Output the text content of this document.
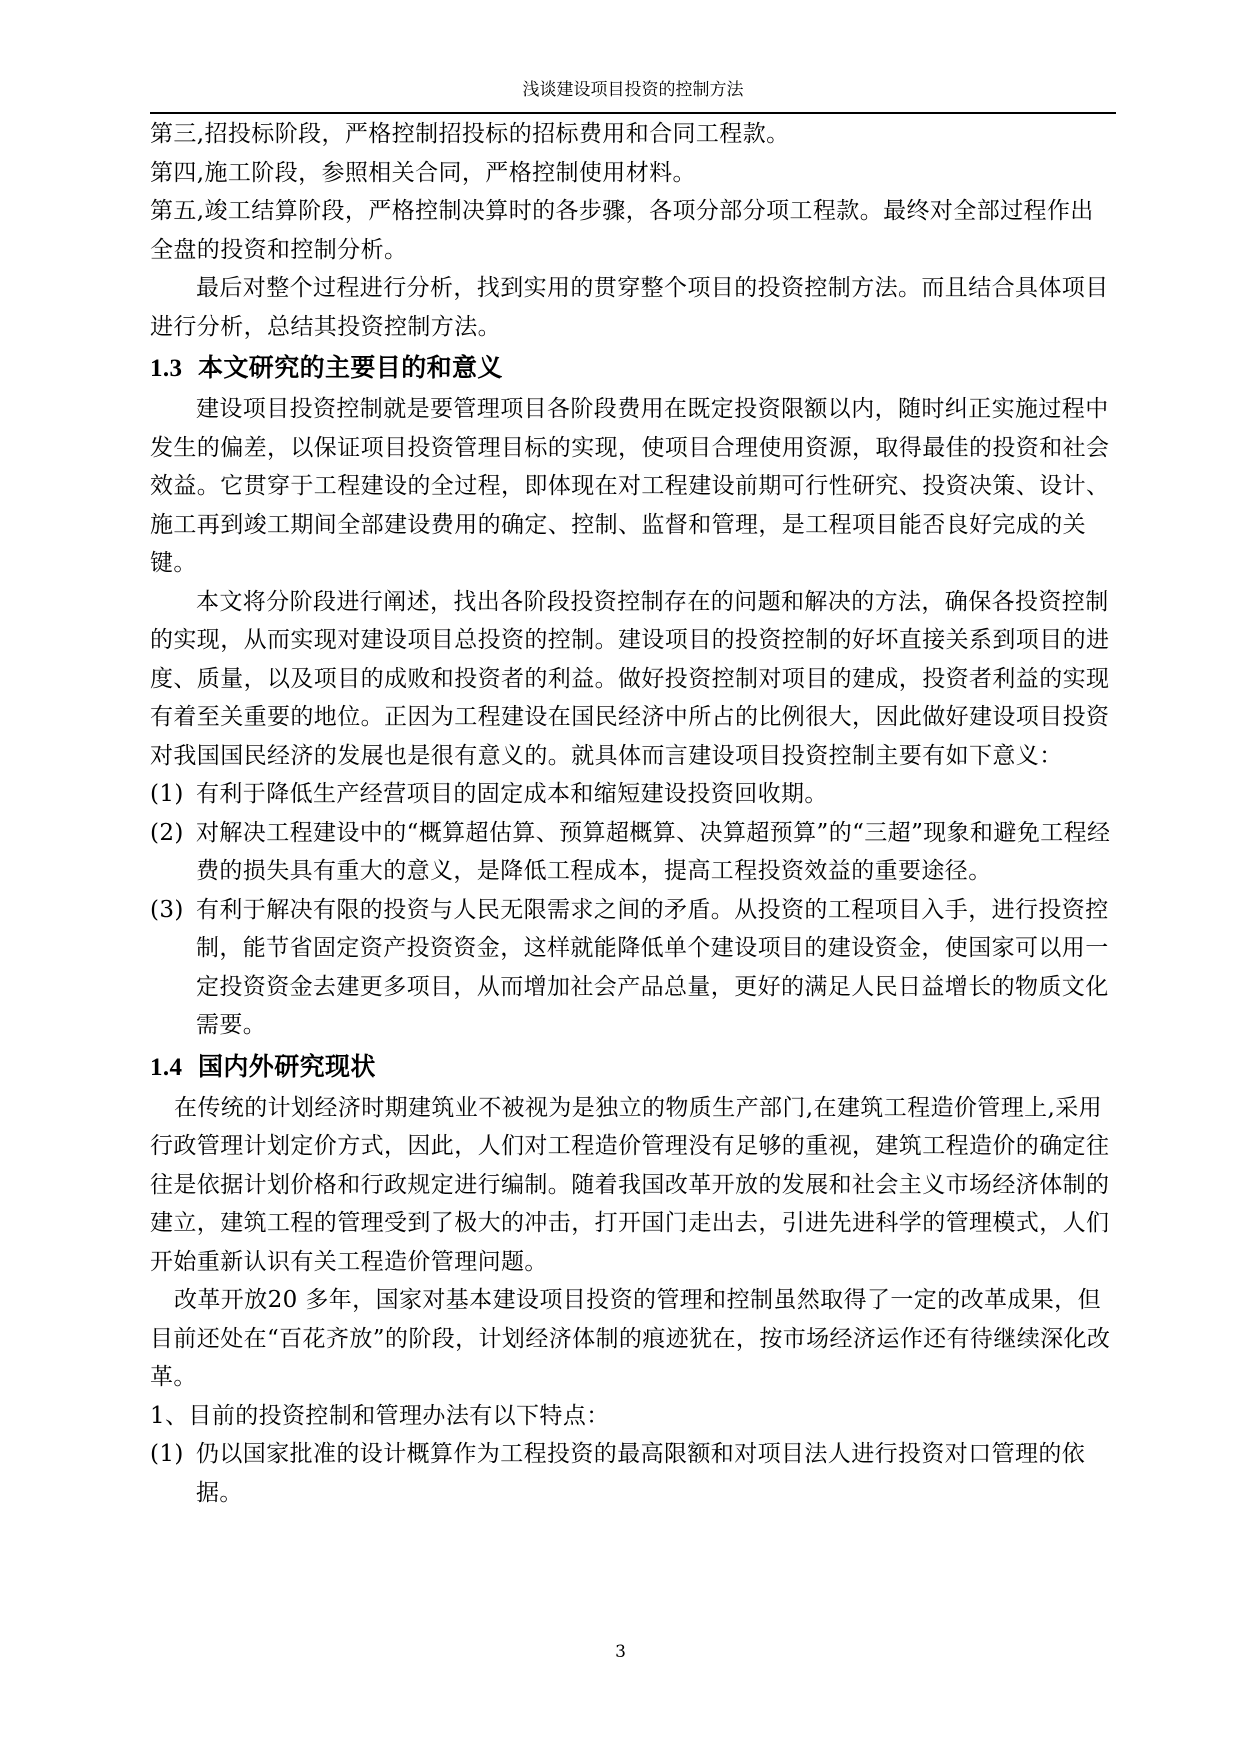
浅谈建设项目投资的控制方法

第三,招投标阶段，严格控制招投标的招标费用和合同工程款。

第四,施工阶段，参照相关合同，严格控制使用材料。

第五,竣工结算阶段，严格控制决算时的各步骤，各项分部分项工程款。最终对全部过程作出全盘的投资和控制分析。

最后对整个过程进行分析，找到实用的贯穿整个项目的投资控制方法。而且结合具体项目进行分析，总结其投资控制方法。

1.3 本文研究的主要目的和意义

建设项目投资控制就是要管理项目各阶段费用在既定投资限额以内，随时纠正实施过程中发生的偏差，以保证项目投资管理目标的实现，使项目合理使用资源，取得最佳的投资和社会效益。它贯穿于工程建设的全过程，即体现在对工程建设前期可行性研究、投资决策、设计、施工再到竣工期间全部建设费用的确定、控制、监督和管理，是工程项目能否良好完成的关键。

本文将分阶段进行阐述，找出各阶段投资控制存在的问题和解决的方法，确保各投资控制的实现，从而实现对建设项目总投资的控制。建设项目的投资控制的好坏直接关系到项目的进度、质量，以及项目的成败和投资者的利益。做好投资控制对项目的建成，投资者利益的实现有着至关重要的地位。正因为工程建设在国民经济中所占的比例很大，因此做好建设项目投资对我国国民经济的发展也是很有意义的。就具体而言建设项目投资控制主要有如下意义：

(1) 有利于降低生产经营项目的固定成本和缩短建设投资回收期。
(2) 对解决工程建设中的“概算超估算、预算超概算、决算超预算”的“三超”现象和避免工程经费的损失具有重大的意义，是降低工程成本，提高工程投资效益的重要途径。
(3) 有利于解决有限的投资与人民无限需求之间的矛盾。从投资的工程项目入手，进行投资控制，能节省固定资产投资资金，这样就能降低单个建设项目的建设资金，使国家可以用一定投资资金去建更多项目，从而增加社会产品总量，更好的满足人民日益增长的物质文化需要。
1.4 国内外研究现状

在传统的计划经济时期建筑业不被视为是独立的物质生产部门,在建筑工程造价管理上,采用行政管理计划定价方式，因此，人们对工程造价管理没有足够的重视，建筑工程造价的确定往往是依据计划价格和行政规定进行编制。随着我国改革开放的发展和社会主义市场经济体制的建立，建筑工程的管理受到了极大的冲击，打开国门走出去，引进先进科学的管理模式，人们开始重新认识有关工程造价管理问题。

改革开放20 多年，国家对基本建设项目投资的管理和控制虽然取得了一定的改革成果，但目前还处在“百花齐放”的阶段，计划经济体制的痕迹犹在，按市场经济运作还有待继续深化改革。

1、目前的投资控制和管理办法有以下特点：

(1) 仍以国家批准的设计概算作为工程投资的最高限额和对项目法人进行投资对口管理的依据。
3
